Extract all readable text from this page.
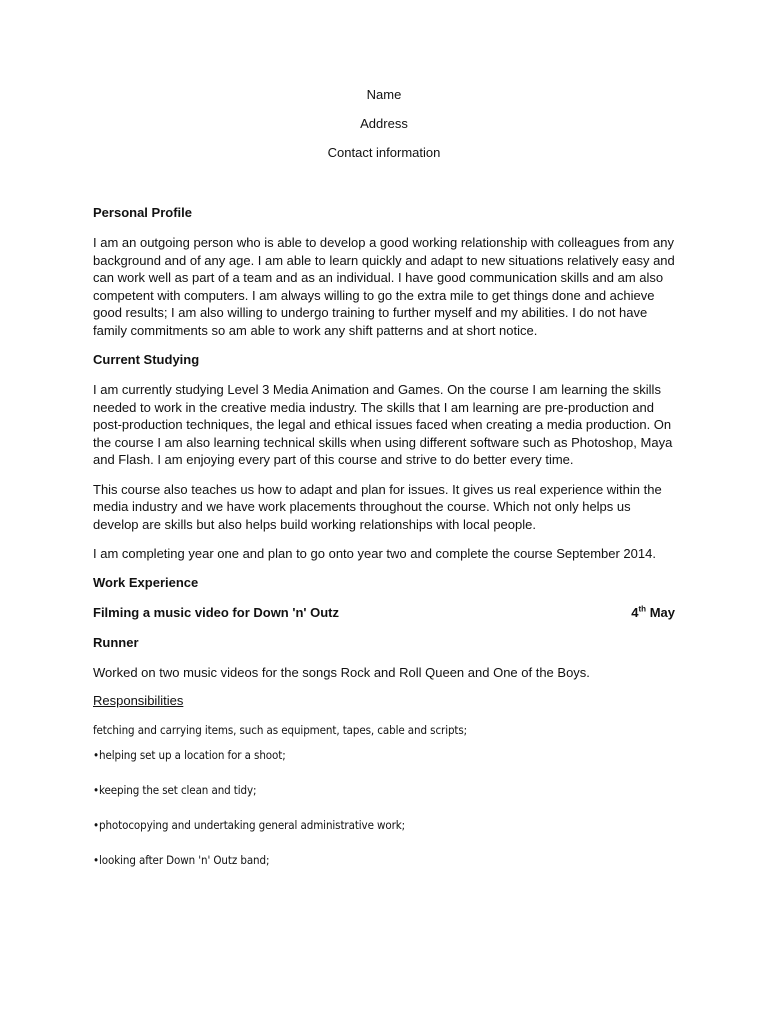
Name

Address

Contact information

Personal Profile

I am an outgoing person who is able to develop a good working relationship with colleagues from any background and of any age. I am able to learn quickly and adapt to new situations relatively easy and can work well as part of a team and as an individual. I have good communication skills and am also competent with computers. I am always willing to go the extra mile to get things done and achieve good results; I am also willing to undergo training to further myself and my abilities. I do not have family commitments so am able to work any shift patterns and at short notice.

Current Studying

I am currently studying Level 3 Media Animation and Games. On the course I am learning the skills needed to work in the creative media industry. The skills that I am learning are pre-production and post-production techniques, the legal and ethical issues faced when creating a media production. On the course I am also learning technical skills when using different software such as Photoshop, Maya and Flash. I am enjoying every part of this course and strive to do better every time.

This course also teaches us how to adapt and plan for issues. It gives us real experience within the media industry and we have work placements throughout the course. Which not only helps us develop are skills but also helps build working relationships with local people.

I am completing year one and plan to go onto year two and complete the course September 2014.

Work Experience

Filming a music video for Down 'n' Outz	4th May

Runner

Worked on two music videos for the songs Rock and Roll Queen and One of the Boys.

Responsibilities

fetching and carrying items, such as equipment, tapes, cable and scripts;

•helping set up a location for a shoot;

•keeping the set clean and tidy;

•photocopying and undertaking general administrative work;

•looking after Down 'n' Outz band;
